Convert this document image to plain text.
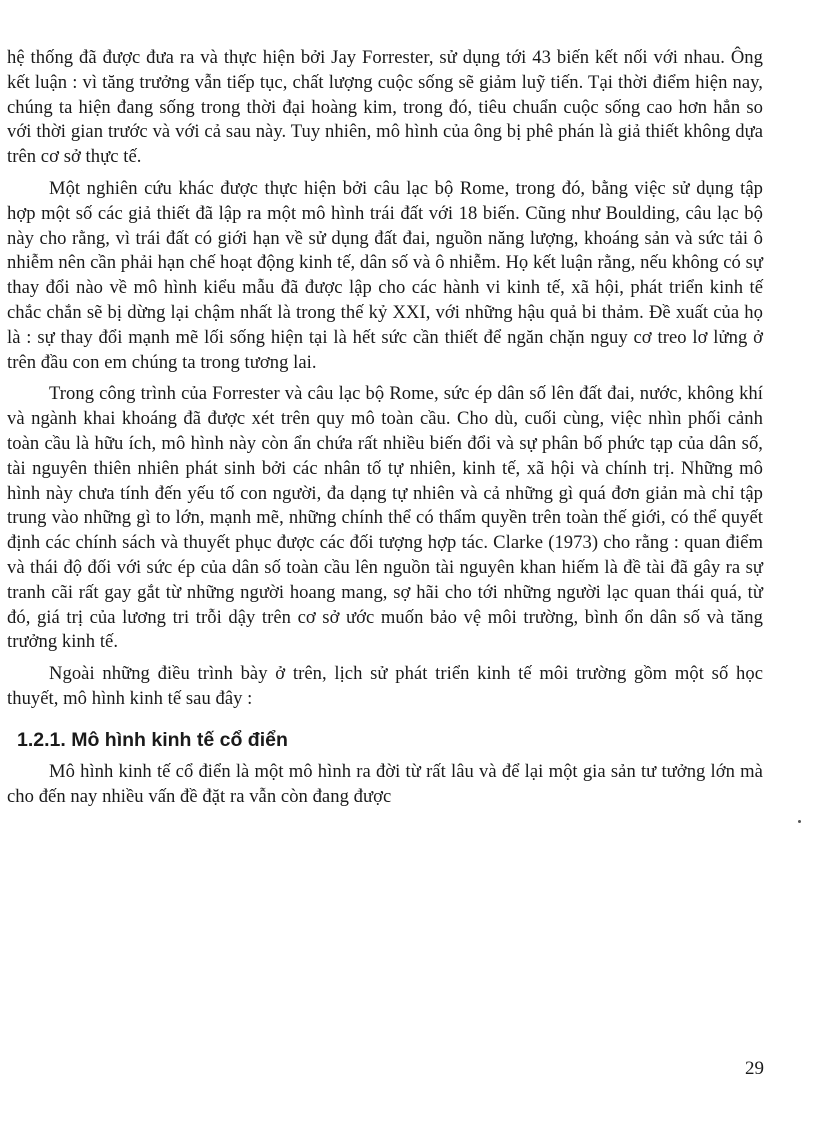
hệ thống đã được đưa ra và thực hiện bởi Jay Forrester, sử dụng tới 43 biến kết nối với nhau. Ông kết luận : vì tăng trưởng vẫn tiếp tục, chất lượng cuộc sống sẽ giảm luỹ tiến. Tại thời điểm hiện nay, chúng ta hiện đang sống trong thời đại hoàng kim, trong đó, tiêu chuẩn cuộc sống cao hơn hẳn so với thời gian trước và với cả sau này. Tuy nhiên, mô hình của ông bị phê phán là giả thiết không dựa trên cơ sở thực tế.

Một nghiên cứu khác được thực hiện bởi câu lạc bộ Rome, trong đó, bằng việc sử dụng tập hợp một số các giả thiết đã lập ra một mô hình trái đất với 18 biến. Cũng như Boulding, câu lạc bộ này cho rằng, vì trái đất có giới hạn về sử dụng đất đai, nguồn năng lượng, khoáng sản và sức tải ô nhiễm nên cần phải hạn chế hoạt động kinh tế, dân số và ô nhiễm. Họ kết luận rằng, nếu không có sự thay đổi nào về mô hình kiểu mẫu đã được lập cho các hành vi kinh tế, xã hội, phát triển kinh tế chắc chắn sẽ bị dừng lại chậm nhất là trong thế kỷ XXI, với những hậu quả bi thảm. Đề xuất của họ là : sự thay đổi mạnh mẽ lối sống hiện tại là hết sức cần thiết để ngăn chặn nguy cơ treo lơ lửng ở trên đầu con em chúng ta trong tương lai.

Trong công trình của Forrester và câu lạc bộ Rome, sức ép dân số lên đất đai, nước, không khí và ngành khai khoáng đã được xét trên quy mô toàn cầu. Cho dù, cuối cùng, việc nhìn phối cảnh toàn cầu là hữu ích, mô hình này còn ẩn chứa rất nhiều biến đổi và sự phân bố phức tạp của dân số, tài nguyên thiên nhiên phát sinh bởi các nhân tố tự nhiên, kinh tế, xã hội và chính trị. Những mô hình này chưa tính đến yếu tố con người, đa dạng tự nhiên và cả những gì quá đơn giản mà chỉ tập trung vào những gì to lớn, mạnh mẽ, những chính thể có thẩm quyền trên toàn thế giới, có thể quyết định các chính sách và thuyết phục được các đối tượng hợp tác. Clarke (1973) cho rằng : quan điểm và thái độ đối với sức ép của dân số toàn cầu lên nguồn tài nguyên khan hiếm là đề tài đã gây ra sự tranh cãi rất gay gắt từ những người hoang mang, sợ hãi cho tới những người lạc quan thái quá, từ đó, giá trị của lương tri trỗi dậy trên cơ sở ước muốn bảo vệ môi trường, bình ổn dân số và tăng trưởng kinh tế.

Ngoài những điều trình bày ở trên, lịch sử phát triển kinh tế môi trường gồm một số học thuyết, mô hình kinh tế sau đây :

1.2.1. Mô hình kinh tế cổ điển

Mô hình kinh tế cổ điển là một mô hình ra đời từ rất lâu và để lại một gia sản tư tưởng lớn mà cho đến nay nhiều vấn đề đặt ra vẫn còn đang được

29
